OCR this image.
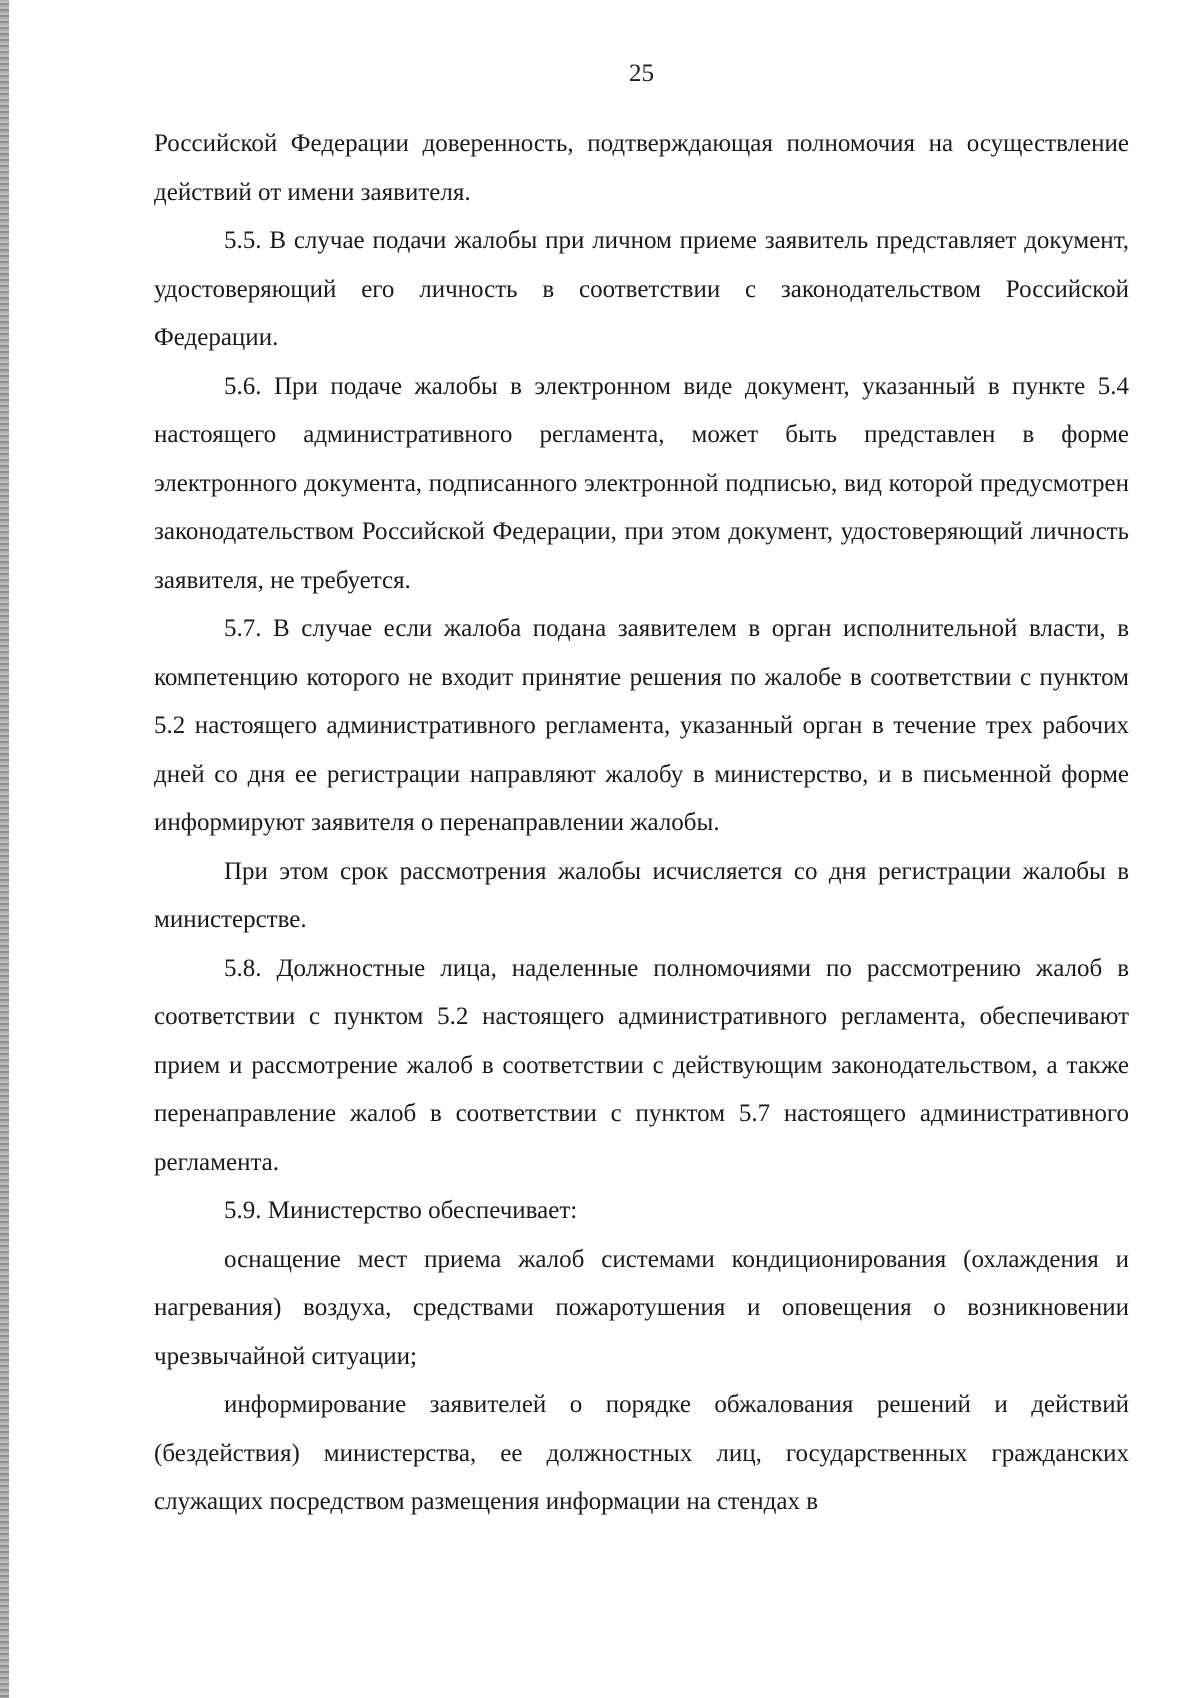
25

Российской Федерации доверенность, подтверждающая полномочия на осуществление действий от имени заявителя.

5.5. В случае подачи жалобы при личном приеме заявитель представляет документ, удостоверяющий его личность в соответствии с законодательством Российской Федерации.

5.6. При подаче жалобы в электронном виде документ, указанный в пункте 5.4 настоящего административного регламента, может быть представлен в форме электронного документа, подписанного электронной подписью, вид которой предусмотрен законодательством Российской Федерации, при этом документ, удостоверяющий личность заявителя, не требуется.

5.7. В случае если жалоба подана заявителем в орган исполнительной власти, в компетенцию которого не входит принятие решения по жалобе в соответствии с пунктом 5.2 настоящего административного регламента, указанный орган в течение трех рабочих дней со дня ее регистрации направляют жалобу в министерство, и в письменной форме информируют заявителя о перенаправлении жалобы.

При этом срок рассмотрения жалобы исчисляется со дня регистрации жалобы в министерстве.

5.8. Должностные лица, наделенные полномочиями по рассмотрению жалоб в соответствии с пунктом 5.2 настоящего административного регламента, обеспечивают прием и рассмотрение жалоб в соответствии с действующим законодательством, а также перенаправление жалоб в соответствии с пунктом 5.7 настоящего административного регламента.

5.9. Министерство обеспечивает:

оснащение мест приема жалоб системами кондиционирования (охлаждения и нагревания) воздуха, средствами пожаротушения и оповещения о возникновении чрезвычайной ситуации;

информирование заявителей о порядке обжалования решений и действий (бездействия) министерства, ее должностных лиц, государственных гражданских служащих посредством размещения информации на стендах в
